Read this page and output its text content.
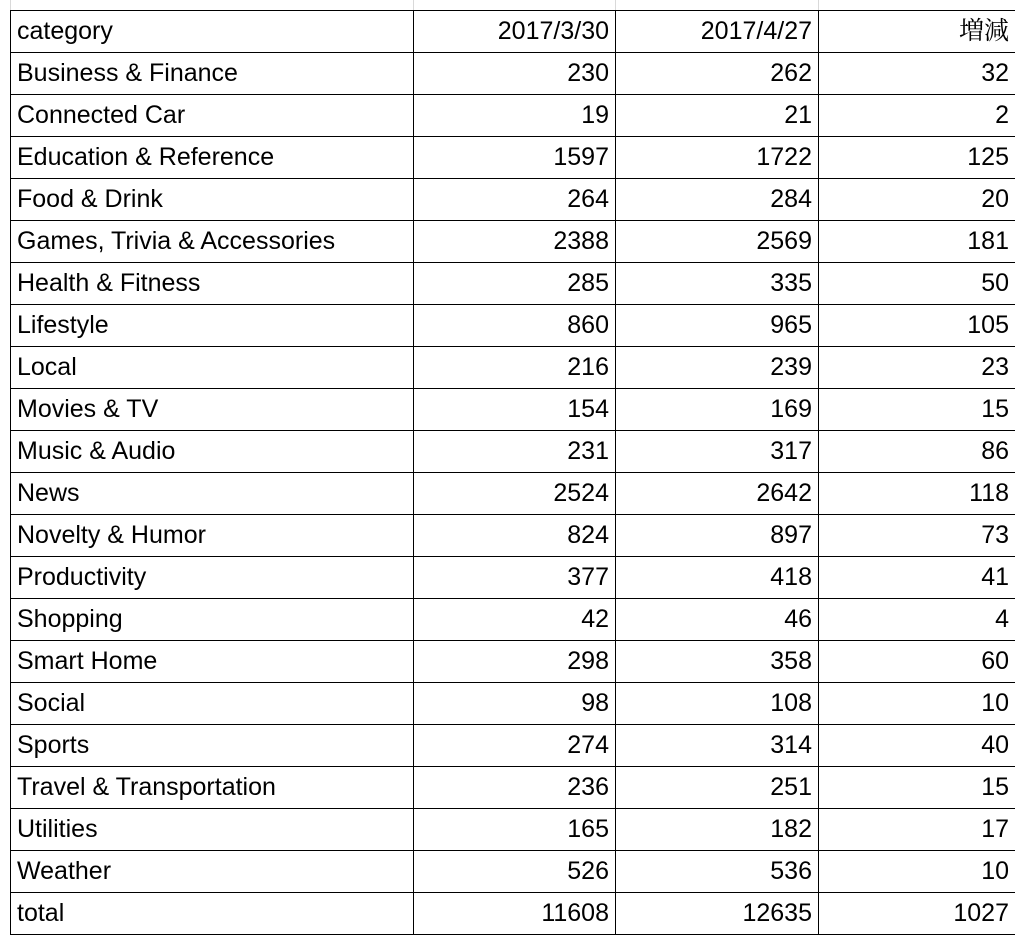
category	2017/3/30	2017/4/27	増減
Business & Finance	230	262	32
Connected Car	19	21	2
Education & Reference	1597	1722	125
Food & Drink	264	284	20
Games, Trivia & Accessories	2388	2569	181
Health & Fitness	285	335	50
Lifestyle	860	965	105
Local	216	239	23
Movies & TV	154	169	15
Music & Audio	231	317	86
News	2524	2642	118
Novelty & Humor	824	897	73
Productivity	377	418	41
Shopping	42	46	4
Smart Home	298	358	60
Social	98	108	10
Sports	274	314	40
Travel & Transportation	236	251	15
Utilities	165	182	17
Weather	526	536	10
total	11608	12635	1027
